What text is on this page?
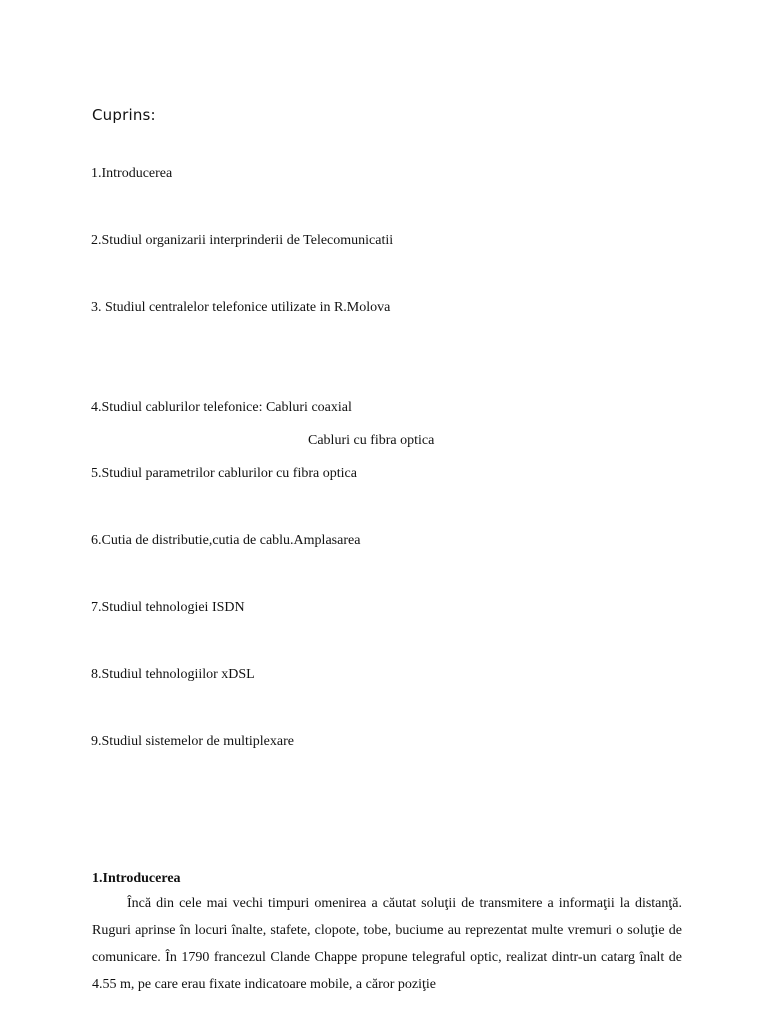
Cuprins:
1.Introducerea
2.Studiul organizarii interprinderii de Telecomunicatii
3. Studiul centralelor telefonice utilizate in R.Molova
4.Studiul cablurilor telefonice: Cabluri coaxial
Cabluri cu fibra optica
5.Studiul parametrilor cablurilor cu fibra optica
6.Cutia de distributie,cutia de cablu.Amplasarea
7.Studiul tehnologiei ISDN
8.Studiul tehnologiilor xDSL
9.Studiul sistemelor de multiplexare
1.Introducerea

Încă din cele mai vechi timpuri omenirea a căutat soluţii de transmitere a informaţii la distanţă. Ruguri aprinse în locuri înalte, stafete, clopote, tobe, buciume au reprezentat multe vremuri o soluţie de comunicare. În 1790 francezul Clande Chappe propune telegraful optic, realizat dintr-un catarg înalt de 4.55 m, pe care erau fixate indicatoare mobile, a căror poziţie
